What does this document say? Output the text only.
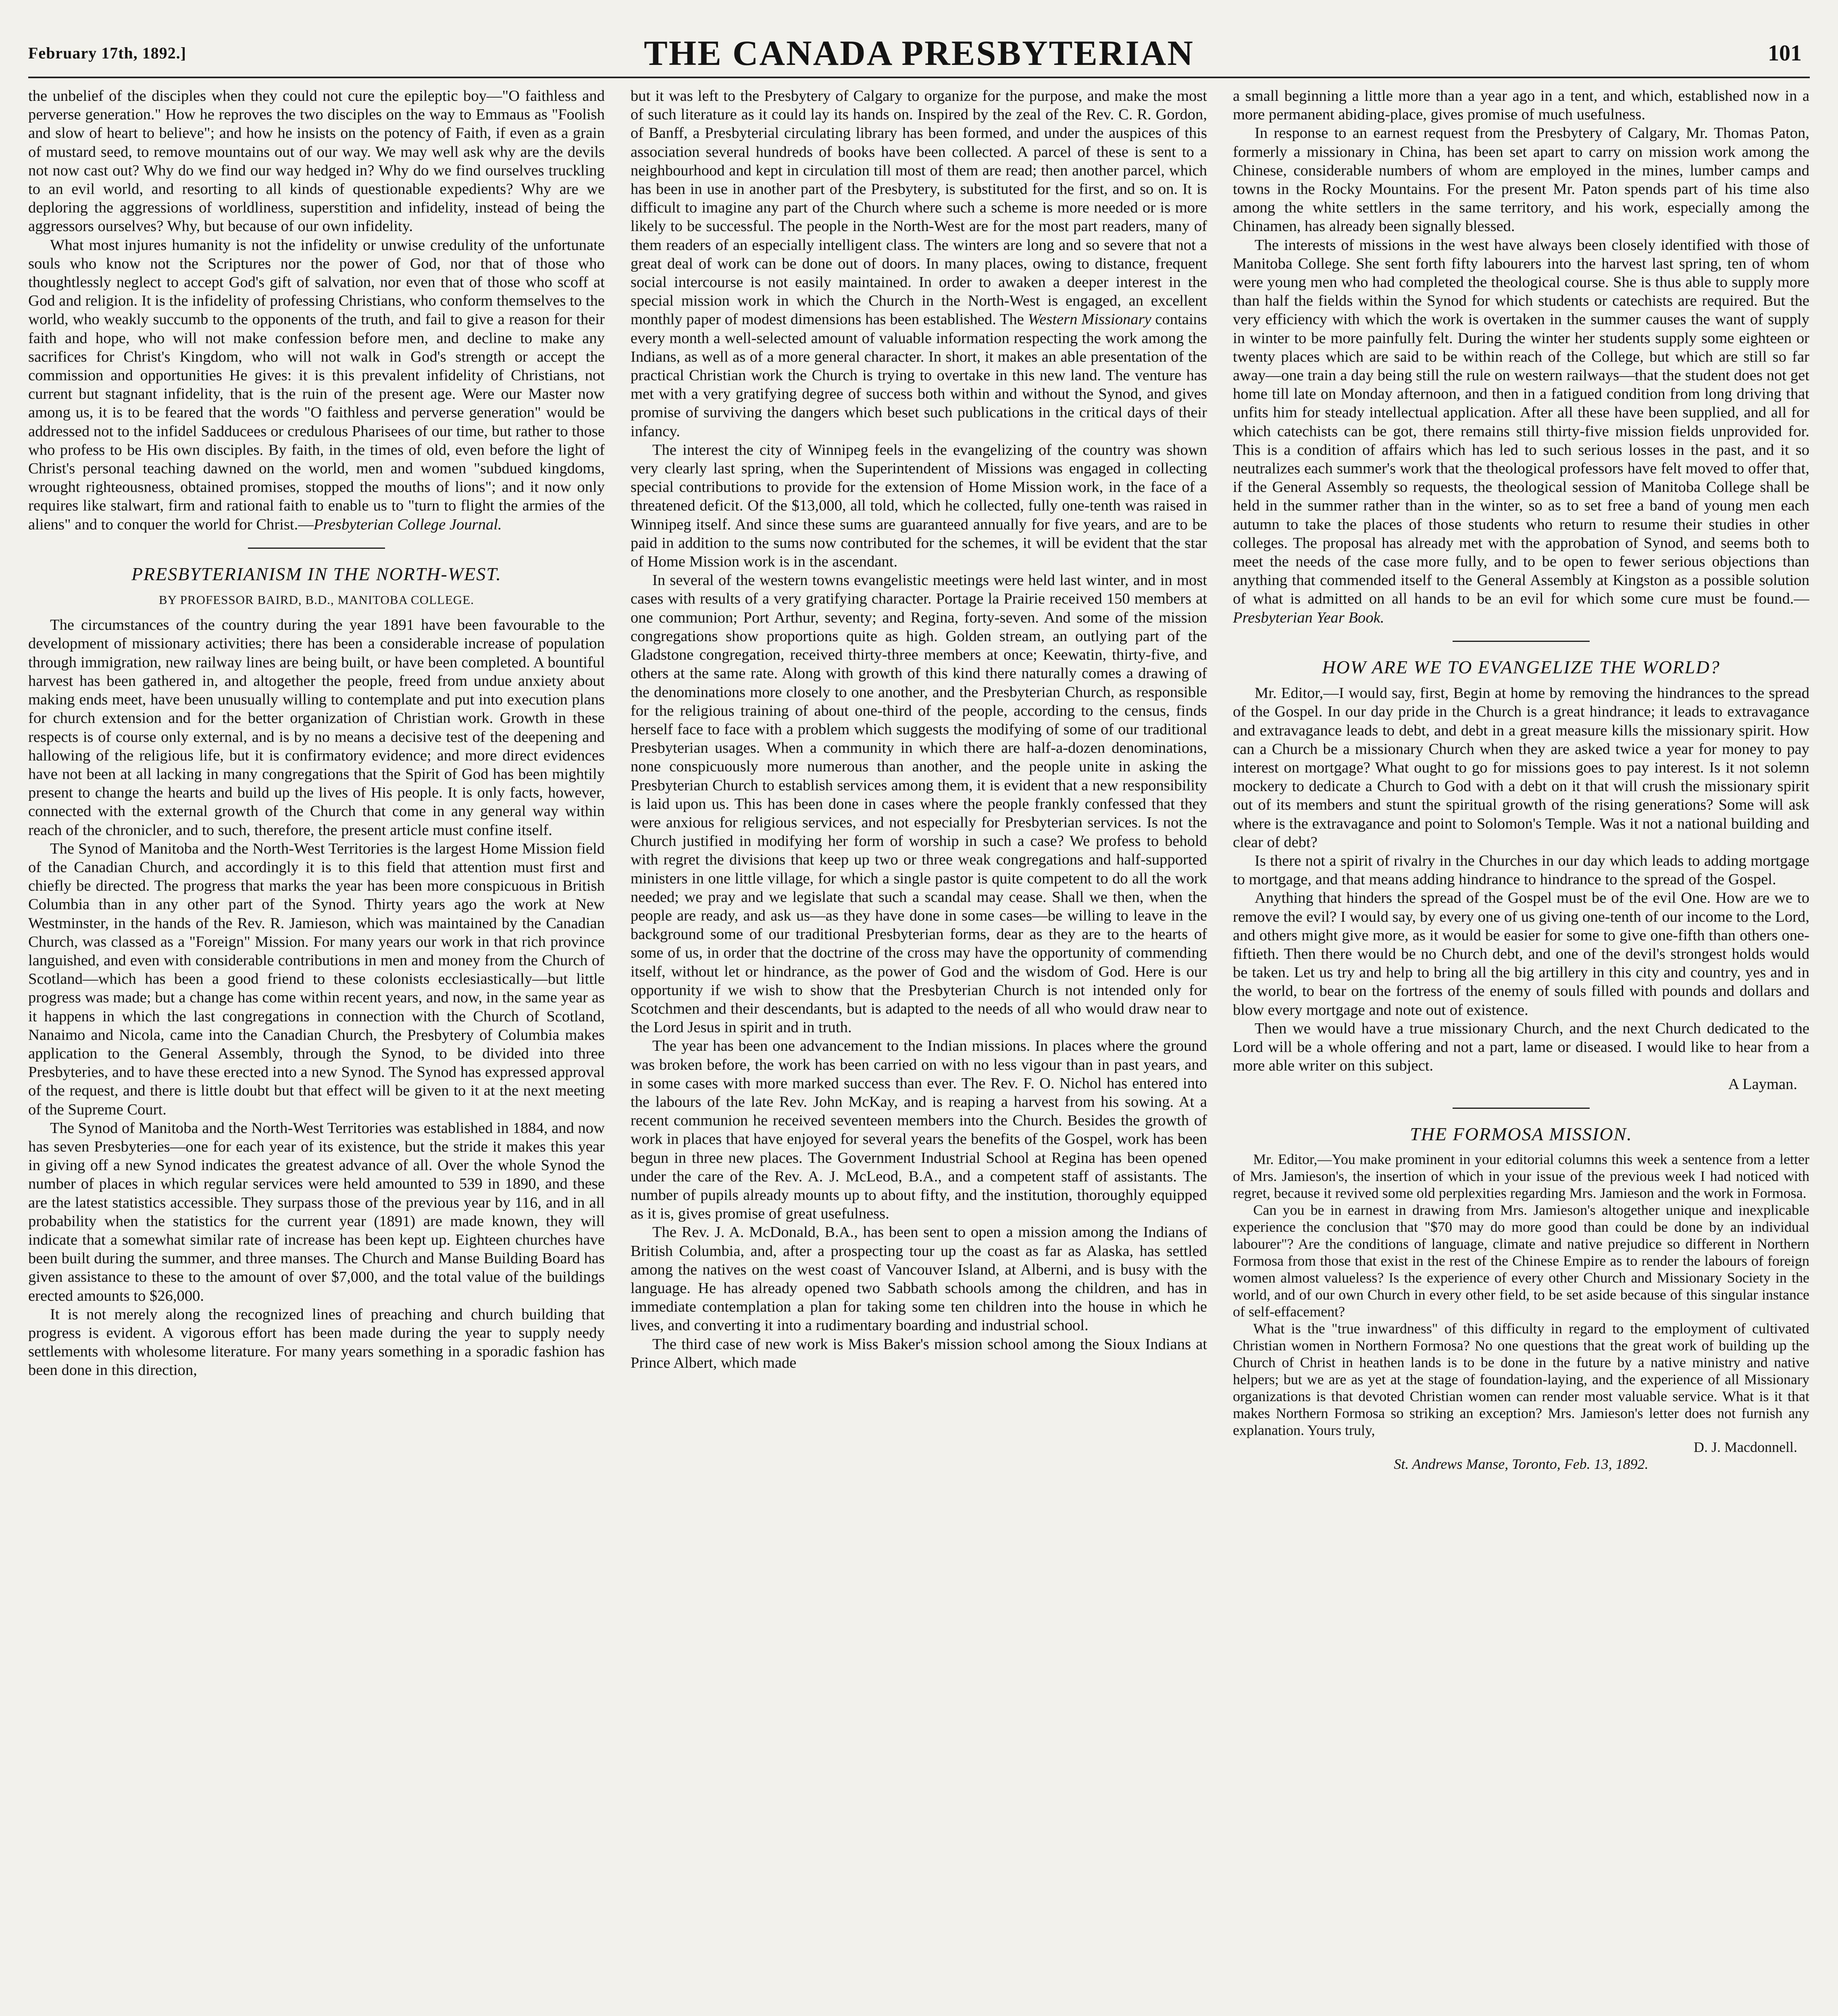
February 17th, 1892.]	THE CANADA PRESBYTERIAN	101

the unbelief of the disciples when they could not cure the epileptic boy—"O faithless and perverse generation." How he reproves the two disciples on the way to Emmaus as "Foolish and slow of heart to believe"; and how he insists on the potency of Faith, if even as a grain of mustard seed, to remove mountains out of our way. We may well ask why are the devils not now cast out? Why do we find our way hedged in? Why do we find ourselves truckling to an evil world, and resorting to all kinds of questionable expedients? Why are we deploring the aggressions of worldliness, superstition and infidelity, instead of being the aggressors ourselves? Why, but because of our own infidelity.

What most injures humanity is not the infidelity or unwise credulity of the unfortunate souls who know not the Scriptures nor the power of God, nor that of those who thoughtlessly neglect to accept God's gift of salvation, nor even that of those who scoff at God and religion. It is the infidelity of professing Christians, who conform themselves to the world, who weakly succumb to the opponents of the truth, and fail to give a reason for their faith and hope, who will not make confession before men, and decline to make any sacrifices for Christ's Kingdom, who will not walk in God's strength or accept the commission and opportunities He gives: it is this prevalent infidelity of Christians, not current but stagnant infidelity, that is the ruin of the present age. Were our Master now among us, it is to be feared that the words "O faithless and perverse generation" would be addressed not to the infidel Sadducees or credulous Pharisees of our time, but rather to those who profess to be His own disciples. By faith, in the times of old, even before the light of Christ's personal teaching dawned on the world, men and women "subdued kingdoms, wrought righteousness, obtained promises, stopped the mouths of lions"; and it now only requires like stalwart, firm and rational faith to enable us to "turn to flight the armies of the aliens" and to conquer the world for Christ.—Presbyterian College Journal.

PRESBYTERIANISM IN THE NORTH-WEST.
BY PROFESSOR BAIRD, B.D., MANITOBA COLLEGE.

The circumstances of the country during the year 1891 have been favourable to the development of missionary activities; there has been a considerable increase of population through immigration, new railway lines are being built, or have been completed. A bountiful harvest has been gathered in, and altogether the people, freed from undue anxiety about making ends meet, have been unusually willing to contemplate and put into execution plans for church extension and for the better organization of Christian work. Growth in these respects is of course only external, and is by no means a decisive test of the deepening and hallowing of the religious life, but it is confirmatory evidence; and more direct evidences have not been at all lacking in many congregations that the Spirit of God has been mightily present to change the hearts and build up the lives of His people. It is only facts, however, connected with the external growth of the Church that come in any general way within reach of the chronicler, and to such, therefore, the present article must confine itself.

The Synod of Manitoba and the North-West Territories is the largest Home Mission field of the Canadian Church, and accordingly it is to this field that attention must first and chiefly be directed. The progress that marks the year has been more conspicuous in British Columbia than in any other part of the Synod. Thirty years ago the work at New Westminster, in the hands of the Rev. R. Jamieson, which was maintained by the Canadian Church, was classed as a "Foreign" Mission. For many years our work in that rich province languished, and even with considerable contributions in men and money from the Church of Scotland—which has been a good friend to these colonists ecclesiastically—but little progress was made; but a change has come within recent years, and now, in the same year as it happens in which the last congregations in connection with the Church of Scotland, Nanaimo and Nicola, came into the Canadian Church, the Presbytery of Columbia makes application to the General Assembly, through the Synod, to be divided into three Presbyteries, and to have these erected into a new Synod. The Synod has expressed approval of the request, and there is little doubt but that effect will be given to it at the next meeting of the Supreme Court.

The Synod of Manitoba and the North-West Territories was established in 1884, and now has seven Presbyteries—one for each year of its existence, but the stride it makes this year in giving off a new Synod indicates the greatest advance of all. Over the whole Synod the number of places in which regular services were held amounted to 539 in 1890, and these are the latest statistics accessible. They surpass those of the previous year by 116, and in all probability when the statistics for the current year (1891) are made known, they will indicate that a somewhat similar rate of increase has been kept up. Eighteen churches have been built during the summer, and three manses. The Church and Manse Building Board has given assistance to these to the amount of over $7,000, and the total value of the buildings erected amounts to $26,000.

It is not merely along the recognized lines of preaching and church building that progress is evident. A vigorous effort has been made during the year to supply needy settlements with wholesome literature. For many years something in a sporadic fashion has been done in this direction,

but it was left to the Presbytery of Calgary to organize for the purpose, and make the most of such literature as it could lay its hands on. Inspired by the zeal of the Rev. C. R. Gordon, of Banff, a Presbyterial circulating library has been formed, and under the auspices of this association several hundreds of books have been collected. A parcel of these is sent to a neighbourhood and kept in circulation till most of them are read; then another parcel, which has been in use in another part of the Presbytery, is substituted for the first, and so on. It is difficult to imagine any part of the Church where such a scheme is more needed or is more likely to be successful. The people in the North-West are for the most part readers, many of them readers of an especially intelligent class. The winters are long and so severe that not a great deal of work can be done out of doors. In many places, owing to distance, frequent social intercourse is not easily maintained. In order to awaken a deeper interest in the special mission work in which the Church in the North-West is engaged, an excellent monthly paper of modest dimensions has been established. The Western Missionary contains every month a well-selected amount of valuable information respecting the work among the Indians, as well as of a more general character. In short, it makes an able presentation of the practical Christian work the Church is trying to overtake in this new land. The venture has met with a very gratifying degree of success both within and without the Synod, and gives promise of surviving the dangers which beset such publications in the critical days of their infancy.

The interest the city of Winnipeg feels in the evangelizing of the country was shown very clearly last spring, when the Superintendent of Missions was engaged in collecting special contributions to provide for the extension of Home Mission work, in the face of a threatened deficit. Of the $13,000, all told, which he collected, fully one-tenth was raised in Winnipeg itself. And since these sums are guaranteed annually for five years, and are to be paid in addition to the sums now contributed for the schemes, it will be evident that the star of Home Mission work is in the ascendant.

In several of the western towns evangelistic meetings were held last winter, and in most cases with results of a very gratifying character. Portage la Prairie received 150 members at one communion; Port Arthur, seventy; and Regina, forty-seven. And some of the mission congregations show proportions quite as high. Golden stream, an outlying part of the Gladstone congregation, received thirty-three members at once; Keewatin, thirty-five, and others at the same rate. Along with growth of this kind there naturally comes a drawing of the denominations more closely to one another, and the Presbyterian Church, as responsible for the religious training of about one-third of the people, according to the census, finds herself face to face with a problem which suggests the modifying of some of our traditional Presbyterian usages. When a community in which there are half-a-dozen denominations, none conspicuously more numerous than another, and the people unite in asking the Presbyterian Church to establish services among them, it is evident that a new responsibility is laid upon us. This has been done in cases where the people frankly confessed that they were anxious for religious services, and not especially for Presbyterian services. Is not the Church justified in modifying her form of worship in such a case? We profess to behold with regret the divisions that keep up two or three weak congregations and half-supported ministers in one little village, for which a single pastor is quite competent to do all the work needed; we pray and we legislate that such a scandal may cease. Shall we then, when the people are ready, and ask us—as they have done in some cases—be willing to leave in the background some of our traditional Presbyterian forms, dear as they are to the hearts of some of us, in order that the doctrine of the cross may have the opportunity of commending itself, without let or hindrance, as the power of God and the wisdom of God. Here is our opportunity if we wish to show that the Presbyterian Church is not intended only for Scotchmen and their descendants, but is adapted to the needs of all who would draw near to the Lord Jesus in spirit and in truth.

The year has been one advancement to the Indian missions. In places where the ground was broken before, the work has been carried on with no less vigour than in past years, and in some cases with more marked success than ever. The Rev. F. O. Nichol has entered into the labours of the late Rev. John McKay, and is reaping a harvest from his sowing. At a recent communion he received seventeen members into the Church. Besides the growth of work in places that have enjoyed for several years the benefits of the Gospel, work has been begun in three new places. The Government Industrial School at Regina has been opened under the care of the Rev. A. J. McLeod, B.A., and a competent staff of assistants. The number of pupils already mounts up to about fifty, and the institution, thoroughly equipped as it is, gives promise of great usefulness.

The Rev. J. A. McDonald, B.A., has been sent to open a mission among the Indians of British Columbia, and, after a prospecting tour up the coast as far as Alaska, has settled among the natives on the west coast of Vancouver Island, at Alberni, and is busy with the language. He has already opened two Sabbath schools among the children, and has in immediate contemplation a plan for taking some ten children into the house in which he lives, and converting it into a rudimentary boarding and industrial school.

The third case of new work is Miss Baker's mission school among the Sioux Indians at Prince Albert, which made

a small beginning a little more than a year ago in a tent, and which, established now in a more permanent abiding-place, gives promise of much usefulness.

In response to an earnest request from the Presbytery of Calgary, Mr. Thomas Paton, formerly a missionary in China, has been set apart to carry on mission work among the Chinese, considerable numbers of whom are employed in the mines, lumber camps and towns in the Rocky Mountains. For the present Mr. Paton spends part of his time also among the white settlers in the same territory, and his work, especially among the Chinamen, has already been signally blessed.

The interests of missions in the west have always been closely identified with those of Manitoba College. She sent forth fifty labourers into the harvest last spring, ten of whom were young men who had completed the theological course. She is thus able to supply more than half the fields within the Synod for which students or catechists are required. But the very efficiency with which the work is overtaken in the summer causes the want of supply in winter to be more painfully felt. During the winter her students supply some eighteen or twenty places which are said to be within reach of the College, but which are still so far away—one train a day being still the rule on western railways—that the student does not get home till late on Monday afternoon, and then in a fatigued condition from long driving that unfits him for steady intellectual application. After all these have been supplied, and all for which catechists can be got, there remains still thirty-five mission fields unprovided for. This is a condition of affairs which has led to such serious losses in the past, and it so neutralizes each summer's work that the theological professors have felt moved to offer that, if the General Assembly so requests, the theological session of Manitoba College shall be held in the summer rather than in the winter, so as to set free a band of young men each autumn to take the places of those students who return to resume their studies in other colleges. The proposal has already met with the approbation of Synod, and seems both to meet the needs of the case more fully, and to be open to fewer serious objections than anything that commended itself to the General Assembly at Kingston as a possible solution of what is admitted on all hands to be an evil for which some cure must be found.—Presbyterian Year Book.

HOW ARE WE TO EVANGELIZE THE WORLD?

Mr. Editor,—I would say, first, Begin at home by removing the hindrances to the spread of the Gospel. In our day pride in the Church is a great hindrance; it leads to extravagance and extravagance leads to debt, and debt in a great measure kills the missionary spirit. How can a Church be a missionary Church when they are asked twice a year for money to pay interest on mortgage? What ought to go for missions goes to pay interest. Is it not solemn mockery to dedicate a Church to God with a debt on it that will crush the missionary spirit out of its members and stunt the spiritual growth of the rising generations? Some will ask where is the extravagance and point to Solomon's Temple. Was it not a national building and clear of debt?

Is there not a spirit of rivalry in the Churches in our day which leads to adding mortgage to mortgage, and that means adding hindrance to hindrance to the spread of the Gospel.

Anything that hinders the spread of the Gospel must be of the evil One. How are we to remove the evil? I would say, by every one of us giving one-tenth of our income to the Lord, and others might give more, as it would be easier for some to give one-fifth than others one-fiftieth. Then there would be no Church debt, and one of the devil's strongest holds would be taken. Let us try and help to bring all the big artillery in this city and country, yes and in the world, to bear on the fortress of the enemy of souls filled with pounds and dollars and blow every mortgage and note out of existence.

Then we would have a true missionary Church, and the next Church dedicated to the Lord will be a whole offering and not a part, lame or diseased. I would like to hear from a more able writer on this subject.

A Layman.
THE FORMOSA MISSION.

Mr. Editor,—You make prominent in your editorial columns this week a sentence from a letter of Mrs. Jamieson's, the insertion of which in your issue of the previous week I had noticed with regret, because it revived some old perplexities regarding Mrs. Jamieson and the work in Formosa.

Can you be in earnest in drawing from Mrs. Jamieson's altogether unique and inexplicable experience the conclusion that "$70 may do more good than could be done by an individual labourer"? Are the conditions of language, climate and native prejudice so different in Northern Formosa from those that exist in the rest of the Chinese Empire as to render the labours of foreign women almost valueless? Is the experience of every other Church and Missionary Society in the world, and of our own Church in every other field, to be set aside because of this singular instance of self-effacement?

What is the "true inwardness" of this difficulty in regard to the employment of cultivated Christian women in Northern Formosa? No one questions that the great work of building up the Church of Christ in heathen lands is to be done in the future by a native ministry and native helpers; but we are as yet at the stage of foundation-laying, and the experience of all Missionary organizations is that devoted Christian women can render most valuable service. What is it that makes Northern Formosa so striking an exception? Mrs. Jamieson's letter does not furnish any explanation. Yours truly,

D. J. Macdonnell.
St. Andrews Manse, Toronto, Feb. 13, 1892.
